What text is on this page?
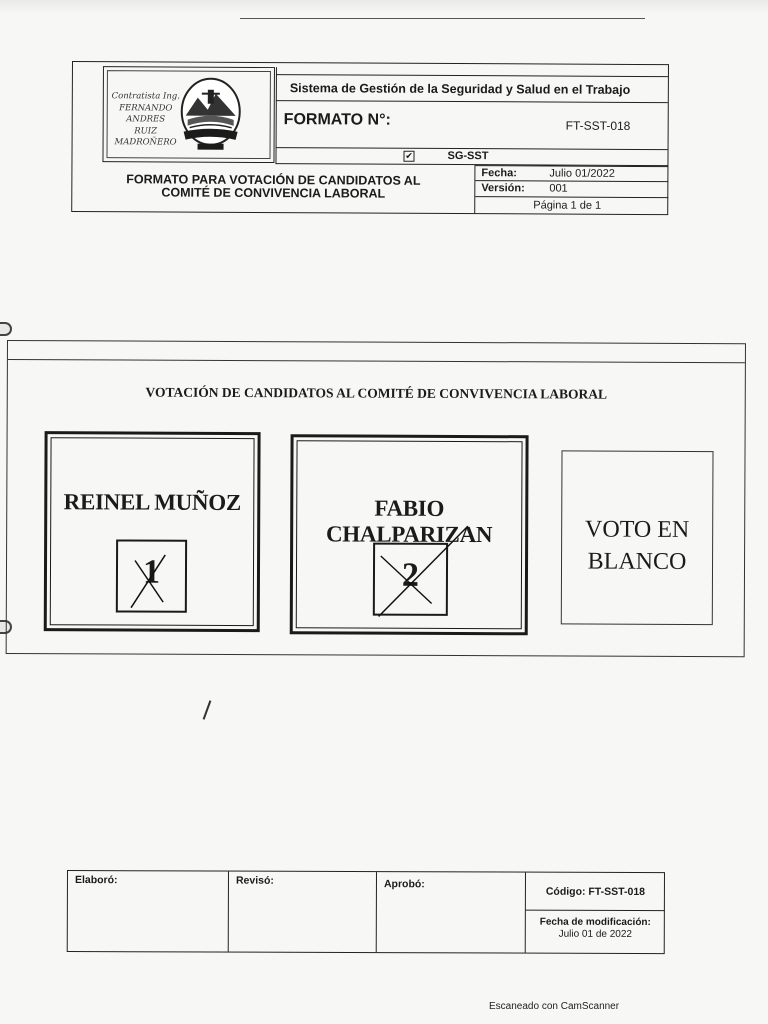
Contratista Ing.
FERNANDO
ANDRES
RUIZ
MADROÑERO
Sistema de Gestión de la Seguridad y Salud en el Trabajo
FORMATO N°:	FT-SST-018
✔	SG-SST
FORMATO PARA VOTACIÓN DE CANDIDATOS AL
COMITÉ DE CONVIVENCIA LABORAL
Fecha:	Julio 01/2022
Versión: 001
Página 1 de 1
VOTACIÓN DE CANDIDATOS AL COMITÉ DE CONVIVENCIA LABORAL
REINEL MUÑOZ
1
FABIO CHALPARIZAN
2
VOTO EN
BLANCO
Elaboró:	Revisó:	Aprobó:
Código: FT-SST-018
Fecha de modificación:
Julio 01 de 2022
Escaneado con CamScanner
